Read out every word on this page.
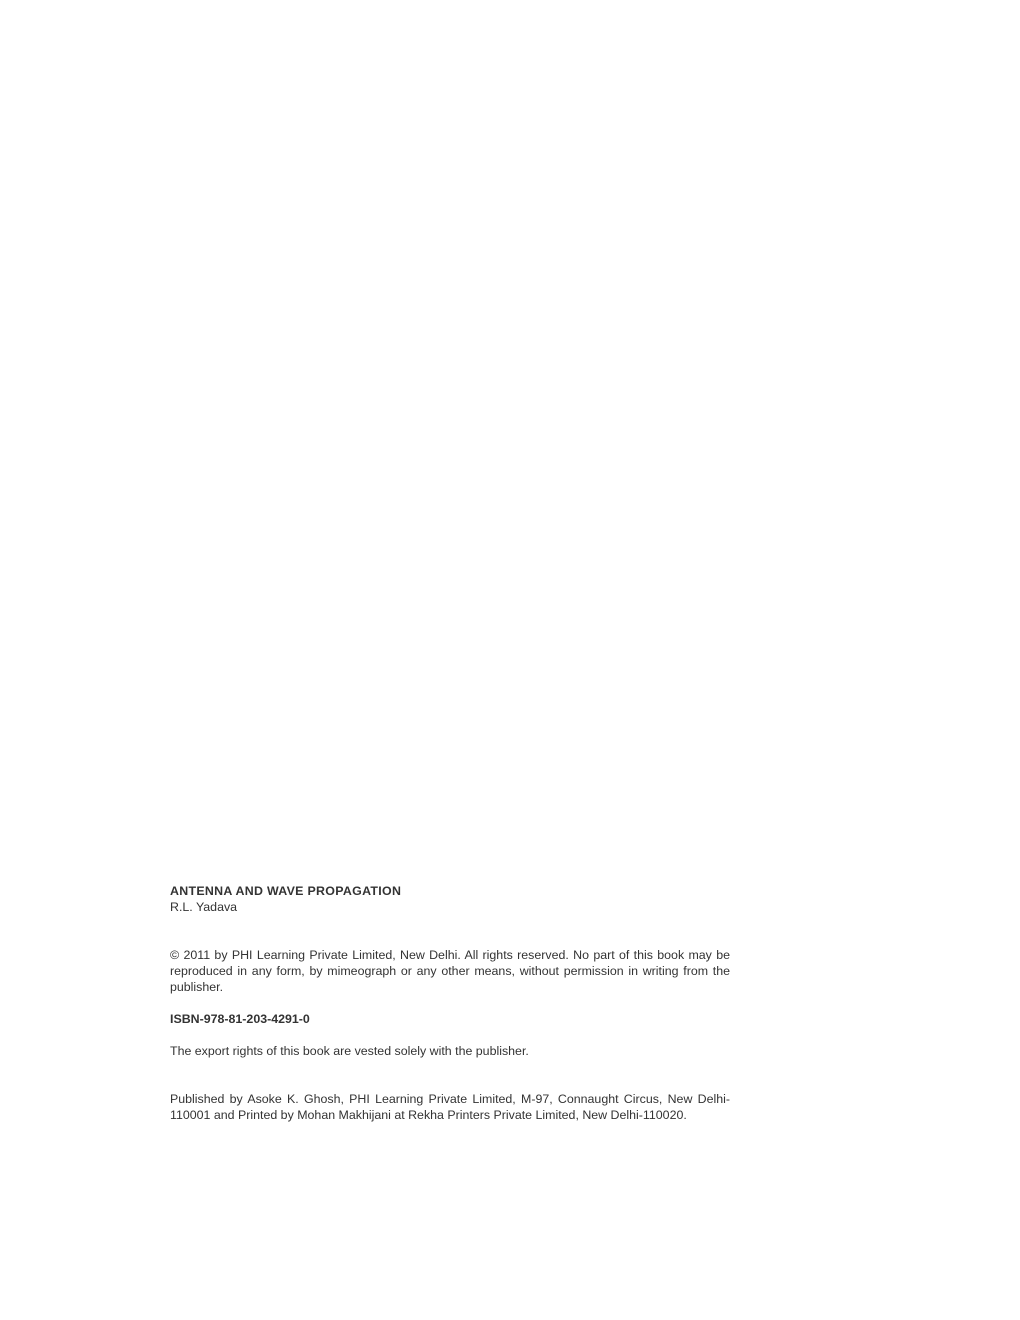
ANTENNA AND WAVE PROPAGATION

R.L. Yadava

© 2011 by PHI Learning Private Limited, New Delhi. All rights reserved. No part of this book may be reproduced in any form, by mimeograph or any other means, without permission in writing from the publisher.

ISBN-978-81-203-4291-0

The export rights of this book are vested solely with the publisher.

Published by Asoke K. Ghosh, PHI Learning Private Limited, M-97, Connaught Circus, New Delhi-110001 and Printed by Mohan Makhijani at Rekha Printers Private Limited, New Delhi-110020.
